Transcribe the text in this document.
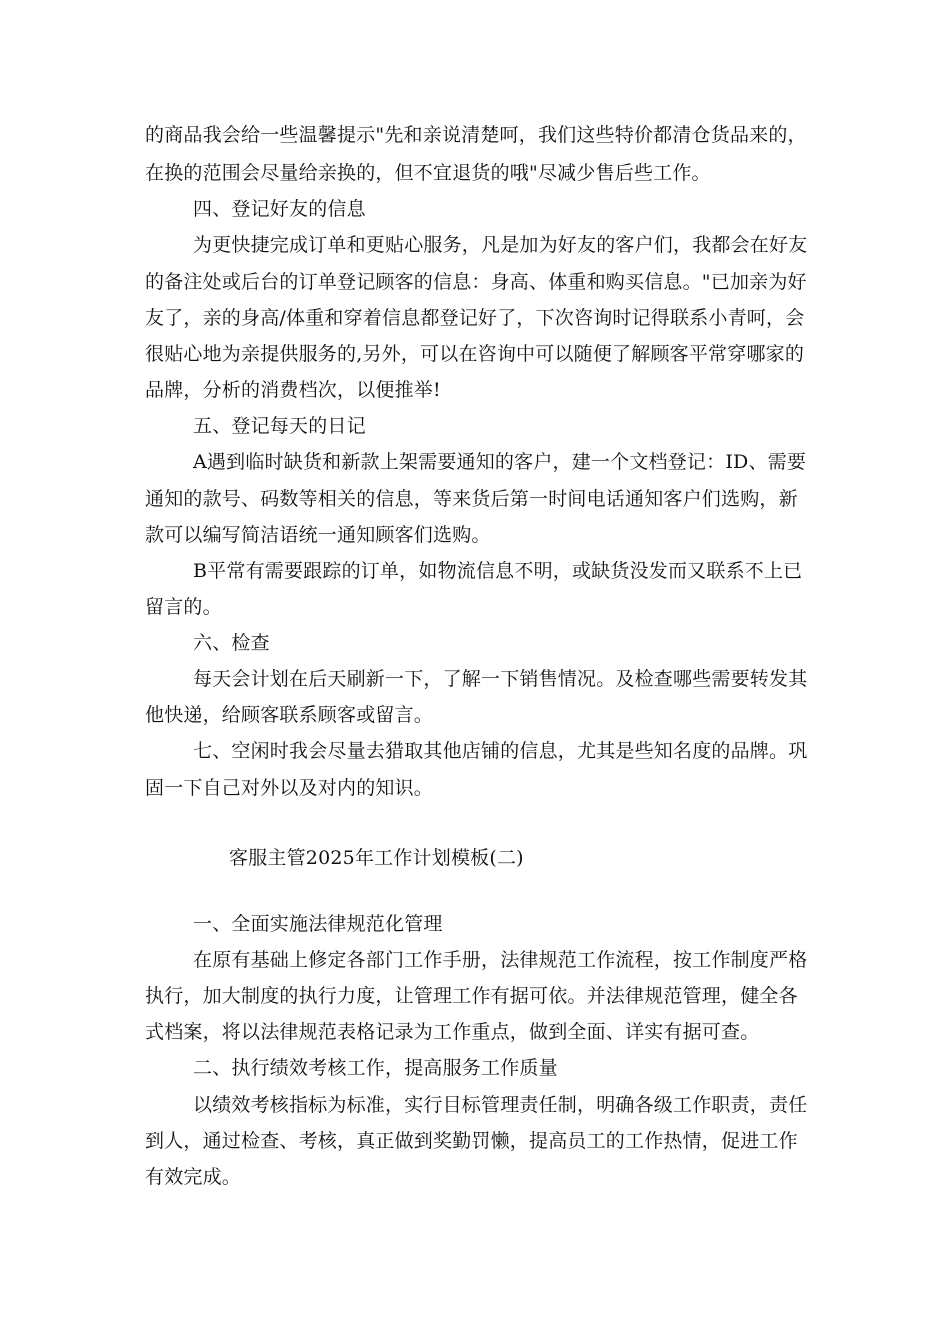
的商品我会给一些温馨提示"先和亲说清楚呵，我们这些特价都清仓货品来的，
在换的范围会尽量给亲换的，但不宜退货的哦"尽减少售后些工作。
四、登记好友的信息
为更快捷完成订单和更贴心服务，凡是加为好友的客户们，我都会在好友
的备注处或后台的订单登记顾客的信息：身高、体重和购买信息。"已加亲为好
友了，亲的身高/体重和穿着信息都登记好了，下次咨询时记得联系小青呵，会
很贴心地为亲提供服务的,另外，可以在咨询中可以随便了解顾客平常穿哪家的
品牌，分析的消费档次，以便推举!
五、登记每天的日记
A遇到临时缺货和新款上架需要通知的客户，建一个文档登记：ID、需要
通知的款号、码数等相关的信息，等来货后第一时间电话通知客户们选购，新
款可以编写简洁语统一通知顾客们选购。
B平常有需要跟踪的订单，如物流信息不明，或缺货没发而又联系不上已
留言的。
六、检查
每天会计划在后天刷新一下，了解一下销售情况。及检查哪些需要转发其
他快递，给顾客联系顾客或留言。
七、空闲时我会尽量去猎取其他店铺的信息，尤其是些知名度的品牌。巩
固一下自己对外以及对内的知识。
客服主管2025年工作计划模板(二)
一、全面实施法律规范化管理
在原有基础上修定各部门工作手册，法律规范工作流程，按工作制度严格
执行，加大制度的执行力度，让管理工作有据可依。并法律规范管理，健全各
式档案，将以法律规范表格记录为工作重点，做到全面、详实有据可查。
二、执行绩效考核工作，提高服务工作质量
以绩效考核指标为标准，实行目标管理责任制，明确各级工作职责，责任
到人，通过检查、考核，真正做到奖勤罚懒，提高员工的工作热情，促进工作
有效完成。
